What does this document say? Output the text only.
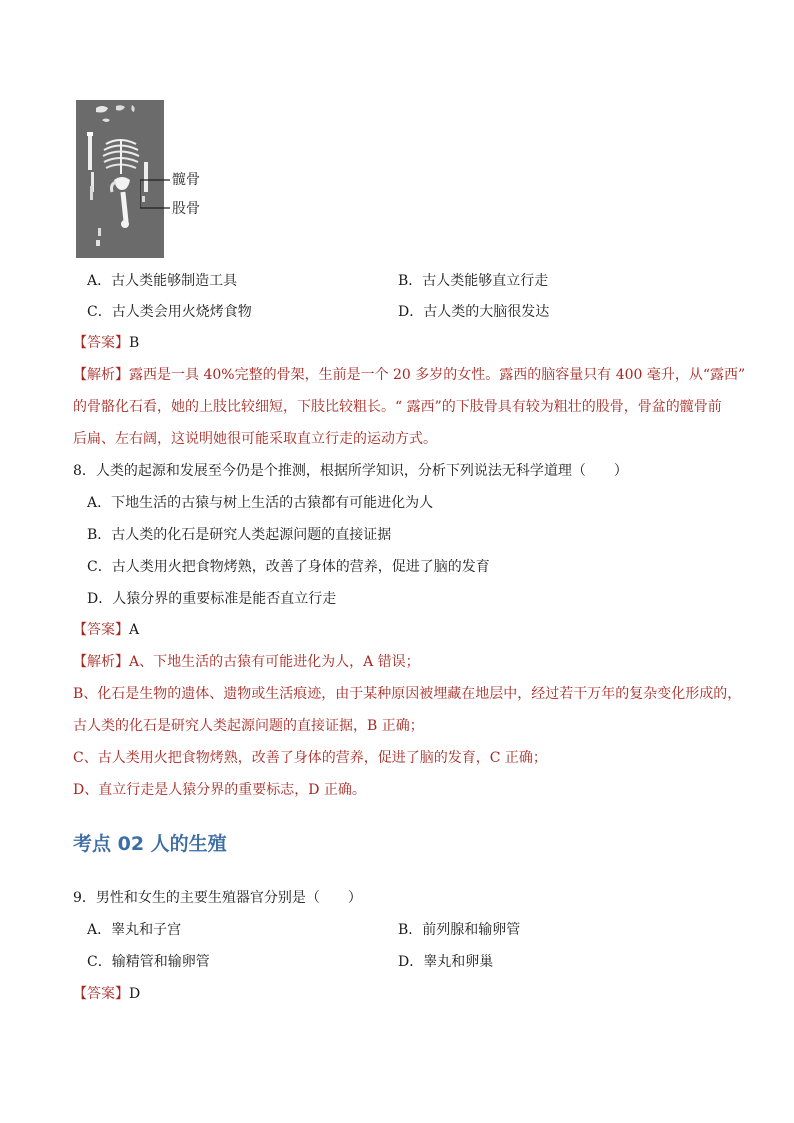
髋骨
股骨
A．古人类能够制造工具	B．古人类能够直立行走
C．古人类会用火烧烤食物	D．古人类的大脑很发达
【答案】B
【解析】露西是一具 40%完整的骨架，生前是一个 20 多岁的女性。露西的脑容量只有 400 毫升，从“露西”
的骨骼化石看，她的上肢比较细短，下肢比较粗长。“ 露西”的下肢骨具有较为粗壮的股骨，骨盆的髋骨前
后扁、左右阔，这说明她很可能采取直立行走的运动方式。
8．人类的起源和发展至今仍是个推测，根据所学知识，分析下列说法无科学道理（　　）
A．下地生活的古猿与树上生活的古猿都有可能进化为人
B．古人类的化石是研究人类起源问题的直接证据
C．古人类用火把食物烤熟，改善了身体的营养，促进了脑的发育
D．人猿分界的重要标准是能否直立行走
【答案】A
【解析】A、下地生活的古猿有可能进化为人，A 错误；
B、化石是生物的遗体、遗物或生活痕迹，由于某种原因被埋藏在地层中，经过若干万年的复杂变化形成的，
古人类的化石是研究人类起源问题的直接证据，B 正确；
C、古人类用火把食物烤熟，改善了身体的营养，促进了脑的发育，C 正确；
D、直立行走是人猿分界的重要标志，D 正确。
考点 02 人的生殖
9．男性和女生的主要生殖器官分别是（　　）
A．睾丸和子宫	B．前列腺和输卵管
C．输精管和输卵管	D．睾丸和卵巢
【答案】D
